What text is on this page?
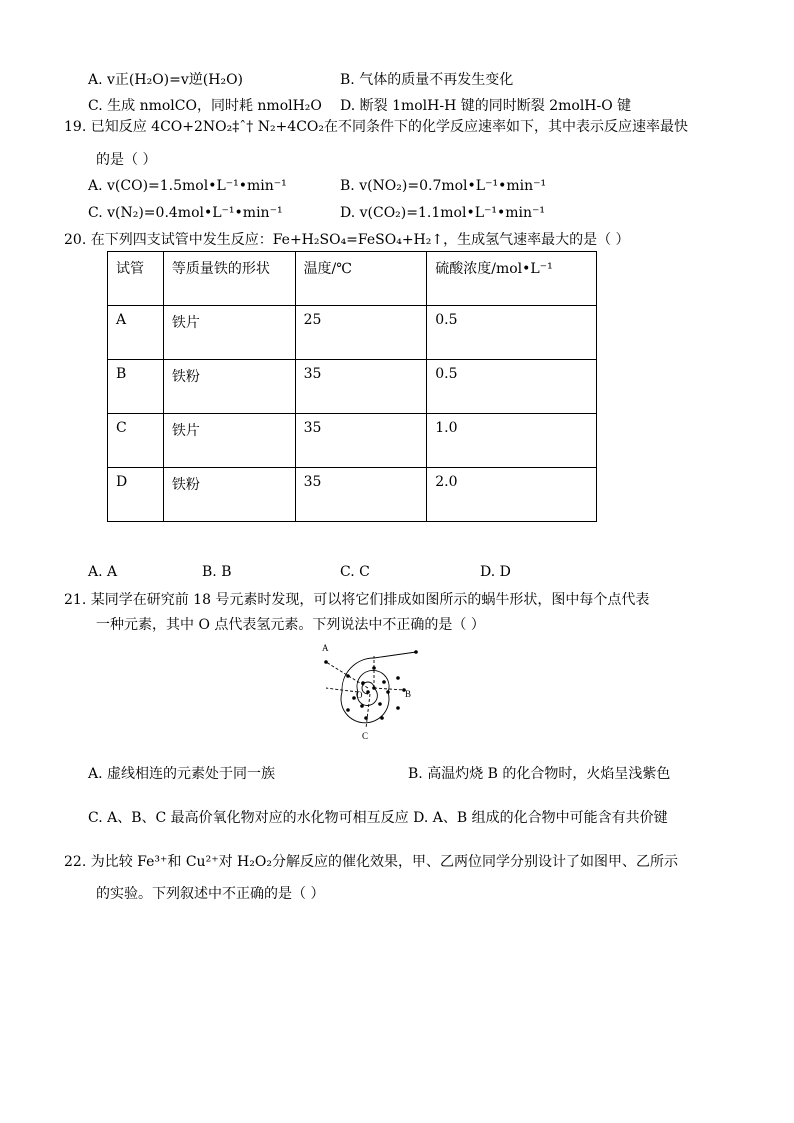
A. v正(H₂O)=v逆(H₂O)	B. 气体的质量不再发生变化
C. 生成 nmolCO，同时耗 nmolH₂O D. 断裂 1molH-H 键的同时断裂 2molH-O 键
19. 已知反应 4CO+2NO₂‡ˆ† N₂+4CO₂在不同条件下的化学反应速率如下，其中表示反应速率最快
的是（ ）
A. v(CO)=1.5mol•L⁻¹•min⁻¹	B. v(NO₂)=0.7mol•L⁻¹•min⁻¹
C. v(N₂)=0.4mol•L⁻¹•min⁻¹	D. v(CO₂)=1.1mol•L⁻¹•min⁻¹
20. 在下列四支试管中发生反应：Fe+H₂SO₄=FeSO₄+H₂↑，生成氢气速率最大的是（ ）
试管	等质量铁的形状	温度/℃	硫酸浓度/mol•L⁻¹
A	铁片	25	0.5
B	铁粉	35	0.5
C	铁片	35	1.0
D	铁粉	35	2.0
A. A	B. B	C. C	D. D
21. 某同学在研究前 18 号元素时发现，可以将它们排成如图所示的蜗牛形状，图中每个点代表
一种元素，其中 O 点代表氢元素。下列说法中不正确的是（ ）
A
B
C
O
A. 虚线相连的元素处于同一族	B. 高温灼烧 B 的化合物时，火焰呈浅紫色
C. A、B、C 最高价氧化物对应的水化物可相互反应 D. A、B 组成的化合物中可能含有共价键
22. 为比较 Fe³⁺和 Cu²⁺对 H₂O₂分解反应的催化效果，甲、乙两位同学分别设计了如图甲、乙所示
的实验。下列叙述中不正确的是（ ）
